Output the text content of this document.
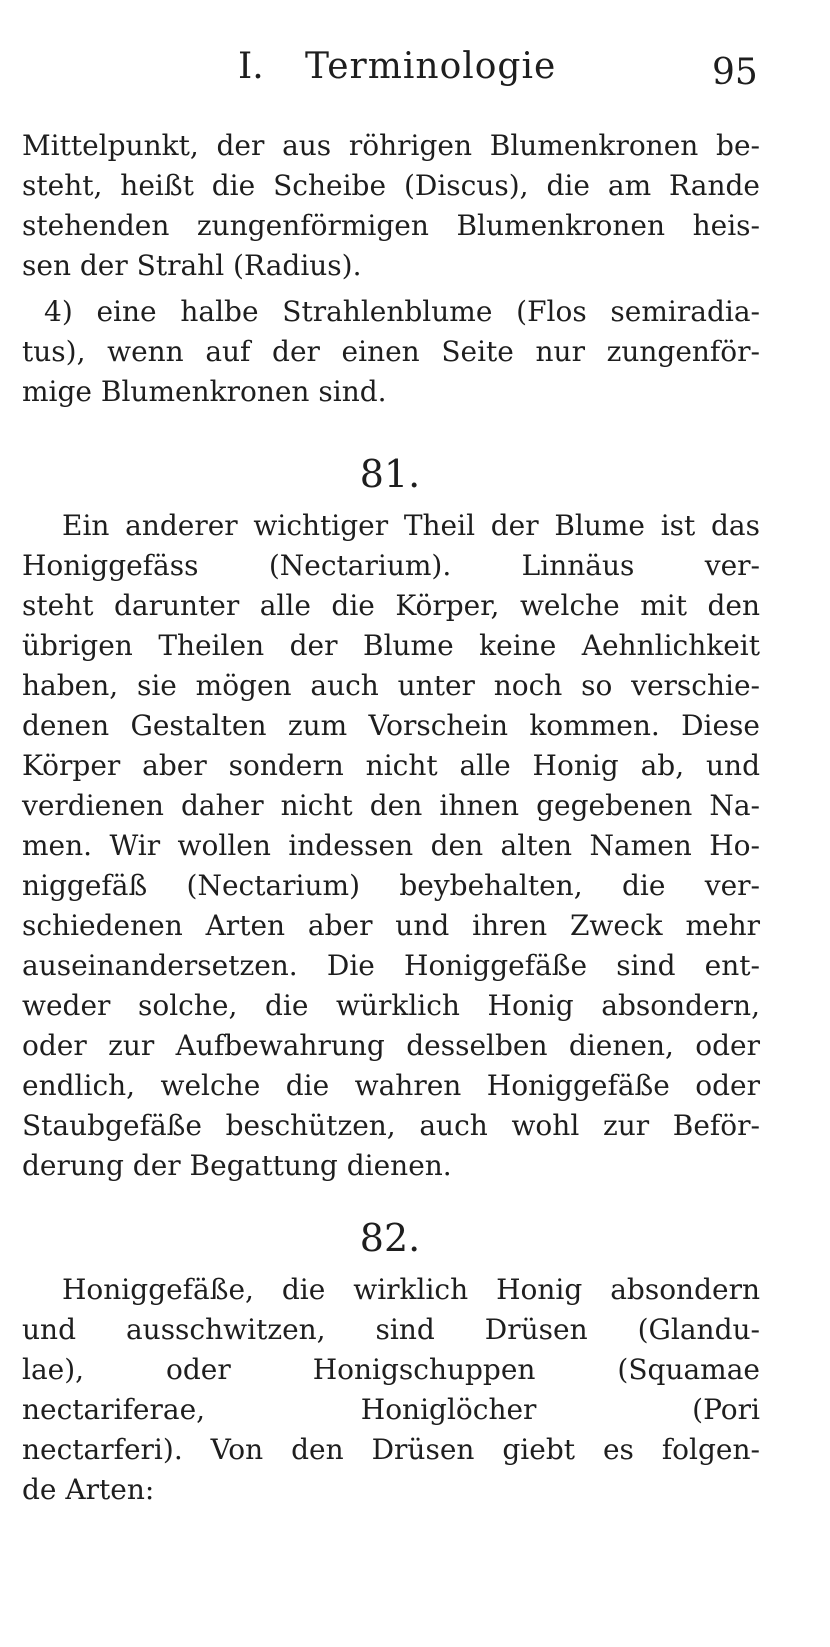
I. Terminologie	95
Mittelpunkt, der aus röhrigen Blumenkronen be-
steht, heißt die Scheibe (Discus), die am Rande
stehenden zungenförmigen Blumenkronen heis-
sen der Strahl (Radius).
4) eine halbe Strahlenblume (Flos semiradia-
tus), wenn auf der einen Seite nur zungenför-
mige Blumenkronen sind.
81.
Ein anderer wichtiger Theil der Blume ist das
Honiggefäss (Nectarium). Linnäus ver-
steht darunter alle die Körper, welche mit den
übrigen Theilen der Blume keine Aehnlichkeit
haben, sie mögen auch unter noch so verschie-
denen Gestalten zum Vorschein kommen. Diese
Körper aber sondern nicht alle Honig ab, und
verdienen daher nicht den ihnen gegebenen Na-
men. Wir wollen indessen den alten Namen Ho-
niggefäß (Nectarium) beybehalten, die ver-
schiedenen Arten aber und ihren Zweck mehr
auseinandersetzen. Die Honiggefäße sind ent-
weder solche, die würklich Honig absondern,
oder zur Aufbewahrung desselben dienen, oder
endlich, welche die wahren Honiggefäße oder
Staubgefäße beschützen, auch wohl zur Beför-
derung der Begattung dienen.
82.
Honiggefäße, die wirklich Honig absondern
und ausschwitzen, sind Drüsen (Glandu-
lae), oder Honigschuppen (Squamae
nectariferae, Honiglöcher (Pori
nectarferi). Von den Drüsen giebt es folgen-
de Arten:
